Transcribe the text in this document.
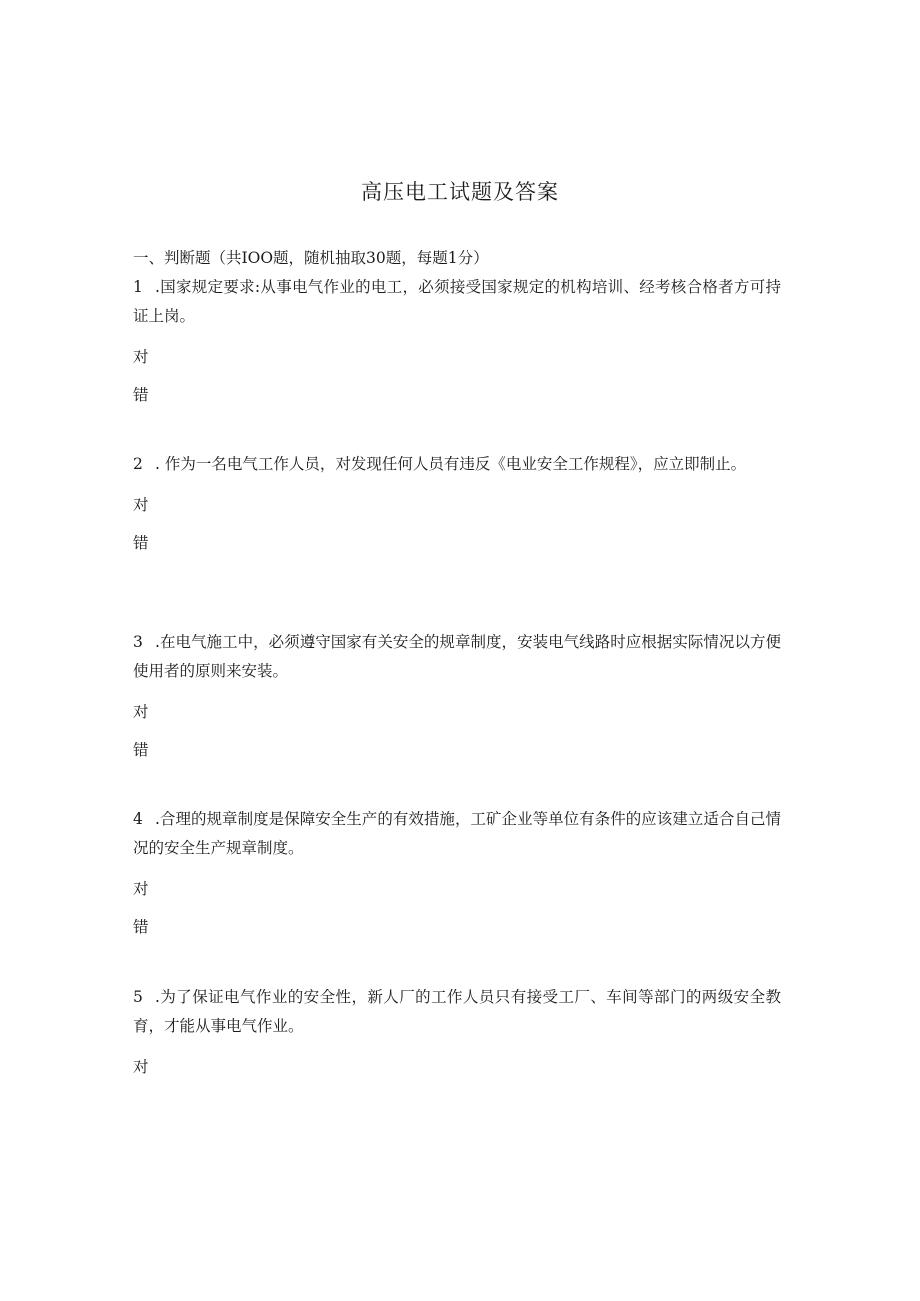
高压电工试题及答案
一、判断题（共IOO题，随机抽取30题，每题1分）
1 .国家规定要求:从事电气作业的电工，必须接受国家规定的机构培训、经考核合格者方可持证上岗。
对
错
2 . 作为一名电气工作人员，对发现任何人员有违反《电业安全工作规程》，应立即制止。
对
错
3 .在电气施工中，必须遵守国家有关安全的规章制度，安装电气线路时应根据实际情况以方便使用者的原则来安装。
对
错
4 .合理的规章制度是保障安全生产的有效措施，工矿企业等单位有条件的应该建立适合自己情况的安全生产规章制度。
对
错
5 .为了保证电气作业的安全性，新人厂的工作人员只有接受工厂、车间等部门的两级安全教育，才能从事电气作业。
对
